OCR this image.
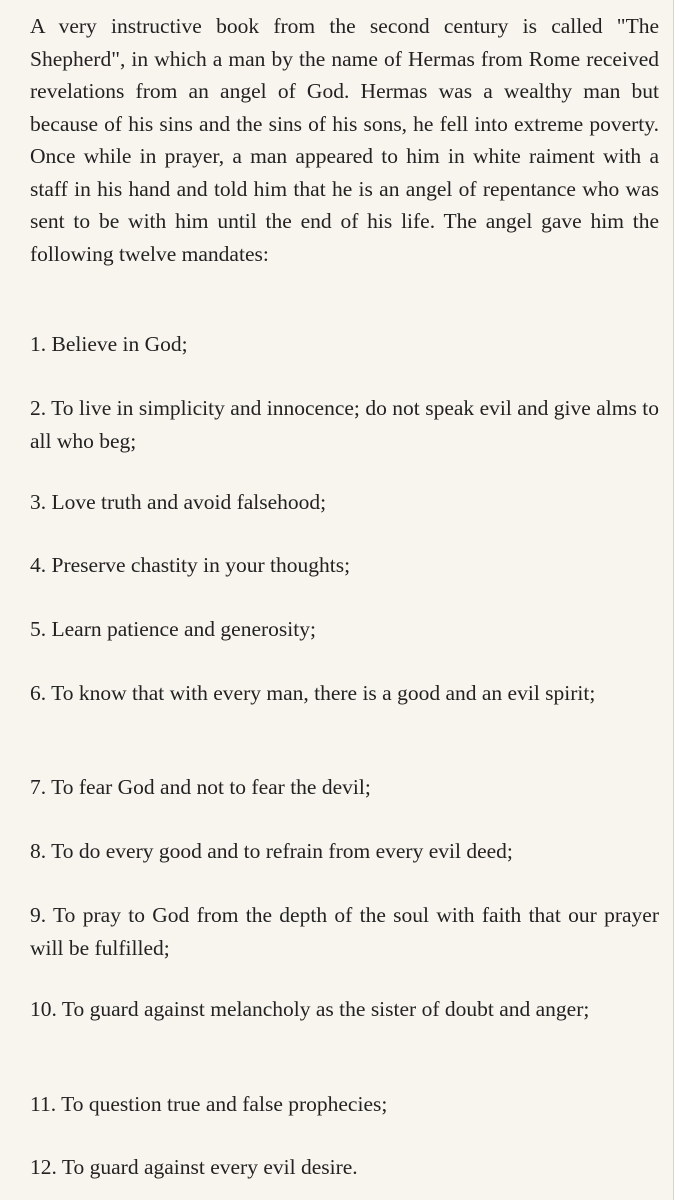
A very instructive book from the second century is called "The Shepherd", in which a man by the name of Hermas from Rome received revelations from an angel of God. Hermas was a wealthy man but because of his sins and the sins of his sons, he fell into extreme poverty. Once while in prayer, a man appeared to him in white raiment with a staff in his hand and told him that he is an angel of repentance who was sent to be with him until the end of his life. The angel gave him the following twelve mandates:

1. Believe in God;

2. To live in simplicity and innocence; do not speak evil and give alms to all who beg;

3. Love truth and avoid falsehood;

4. Preserve chastity in your thoughts;

5. Learn patience and generosity;

6. To know that with every man, there is a good and an evil spirit;

7. To fear God and not to fear the devil;

8. To do every good and to refrain from every evil deed;

9. To pray to God from the depth of the soul with faith that our prayer will be fulfilled;

10. To guard against melancholy as the sister of doubt and anger;

11. To question true and false prophecies;

12. To guard against every evil desire.
